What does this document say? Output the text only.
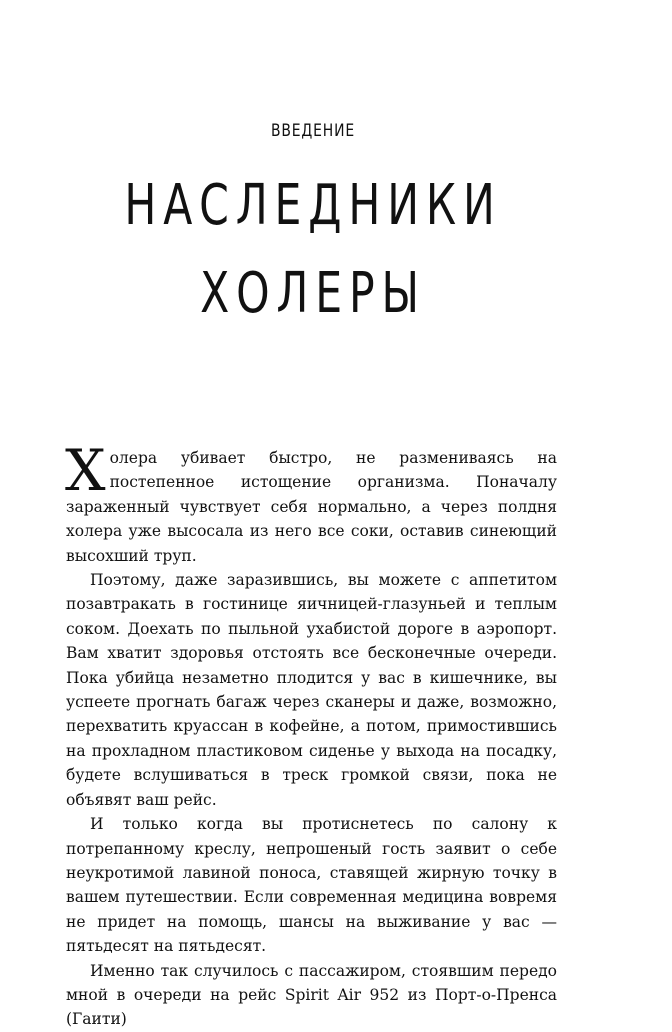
ВВЕДЕНИЕ
НАСЛЕДНИКИ
ХОЛЕРЫ

Холера убивает быстро, не размениваясь на постепенное истощение организма. Поначалу зараженный чувствует себя нормально, а через полдня холера уже высосала из него все соки, оставив синеющий высохший труп.

Поэтому, даже заразившись, вы можете с аппетитом позавтракать в гостинице яичницей-глазуньей и теплым соком. Доехать по пыльной ухабистой дороге в аэропорт. Вам хватит здоровья отстоять все бесконечные очереди. Пока убийца незаметно плодится у вас в кишечнике, вы успеете прогнать багаж через сканеры и даже, возможно, перехватить круассан в кофейне, а потом, примостившись на прохладном пластиковом сиденье у выхода на посадку, будете вслушиваться в треск громкой связи, пока не объявят ваш рейс.

И только когда вы протиснетесь по салону к потрепанному креслу, непрошеный гость заявит о себе неукротимой лавиной поноса, ставящей жирную точку в вашем путешествии. Если современная медицина вовремя не придет на помощь, шансы на выживание у вас — пятьдесят на пятьдесят.

Именно так случилось с пассажиром, стоявшим передо мной в очереди на рейс Spirit Air 952 из Порт-о-Пренса (Гаити)
